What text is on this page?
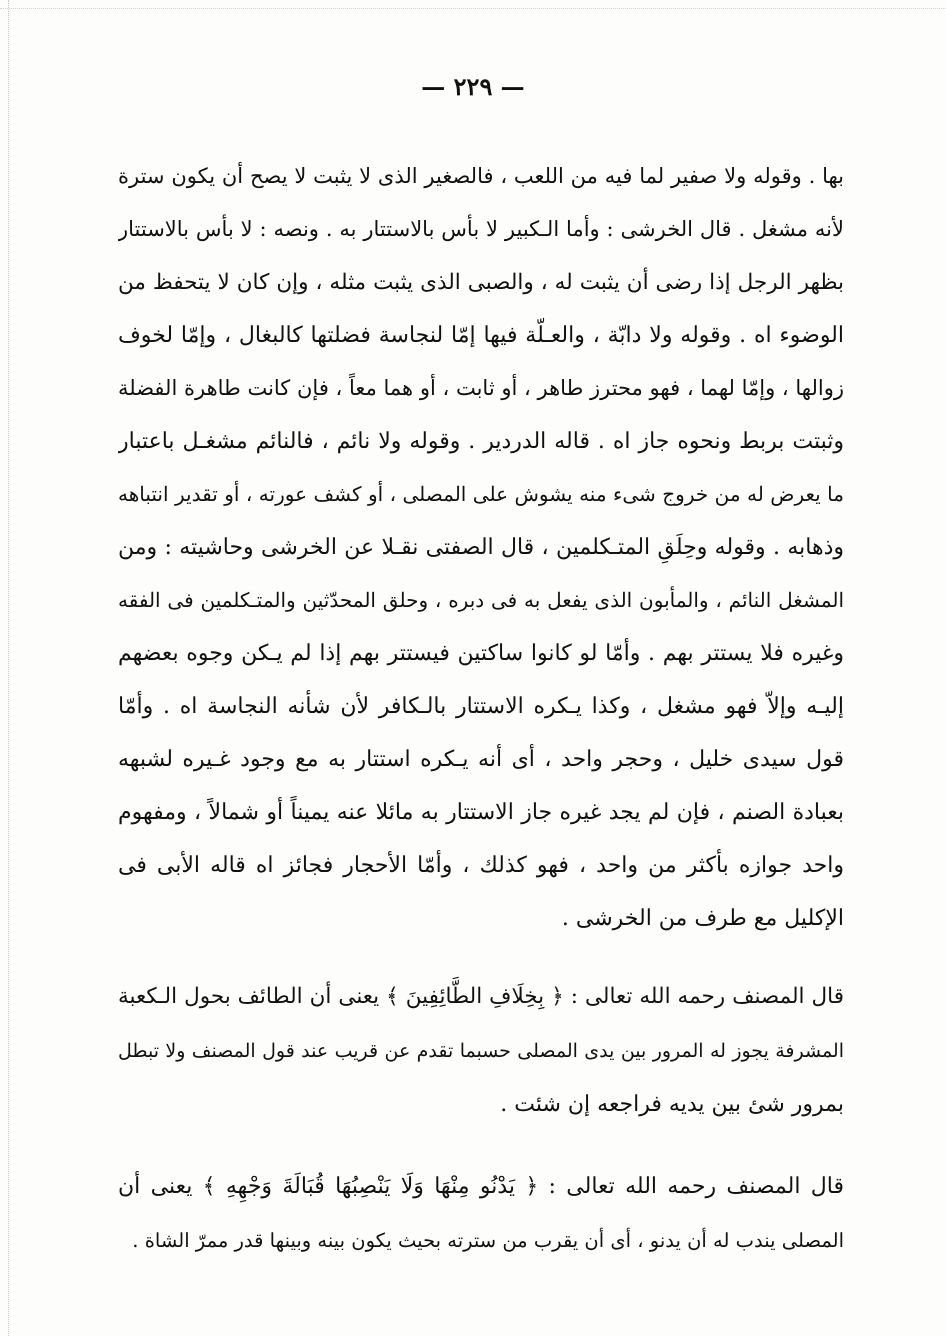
— ٢٢٩ —
بها . وقوله ولا صفير لما فيه من اللعب ، فالصغير الذى لا يثبت لا يصح أن يكون سترة
لأنه مشغل . قال الخرشى : وأما الـكبير لا بأس بالاستتار به . ونصه : لا بأس بالاستتار
بظهر الرجل إذا رضى أن يثبت له ، والصبى الذى يثبت مثله ، وإن كان لا يتحفظ من
الوضوء اه . وقوله ولا دابّة ، والعـلّة فيها إمّا لنجاسة فضلتها كالبغال ، وإمّا لخوف
زوالها ، وإمّا لهما ، فهو محترز طاهر ، أو ثابت ، أو هما معاً ، فإن كانت طاهرة الفضلة
وثبتت بربط ونحوه جاز اه . قاله الدردير . وقوله ولا نائم ، فالنائم مشغـل باعتبار
ما يعرض له من خروج شىء منه يشوش على المصلى ، أو كشف عورته ، أو تقدير انتباهه
وذهابه . وقوله وحِلَقِ المتـكلمين ، قال الصفتى نقـلا عن الخرشى وحاشيته : ومن
المشغل النائم ، والمأبون الذى يفعل به فى دبره ، وحلق المحدّثين والمتـكلمين فى الفقه
وغيره فلا يستتر بهم . وأمّا لو كانوا ساكتين فيستتر بهم إذا لم يـكن وجوه بعضهم
إليـه وإلاّ فهو مشغل ، وكذا يـكره الاستتار بالـكافر لأن شأنه النجاسة اه . وأمّا
قول سيدى خليل ، وحجر واحد ، أى أنه يـكره استتار به مع وجود غـيره لشبهه
بعبادة الصنم ، فإن لم يجد غيره جاز الاستتار به مائلا عنه يميناً أو شمالاً ، ومفهوم
واحد جوازه بأكثر من واحد ، فهو كذلك ، وأمّا الأحجار فجائز اه قاله الأبى فى
الإكليل مع طرف من الخرشى .
قال المصنف رحمه الله تعالى : ﴿ بِخِلَافِ الطَّائِفِينَ ﴾ يعنى أن الطائف بحول الـكعبة
المشرفة يجوز له المرور بين يدى المصلى حسبما تقدم عن قريب عند قول المصنف ولا تبطل
بمرور شئ بين يديه فراجعه إن شئت .
قال المصنف رحمه الله تعالى : ﴿ يَدْنُو مِنْهَا وَلَا يَنْصِبُهَا قُبَالَةَ وَجْهِهِ ﴾ يعنى أن
المصلى يندب له أن يدنو ، أى أن يقرب من سترته بحيث يكون بينه وبينها قدر ممرّ الشاة .
